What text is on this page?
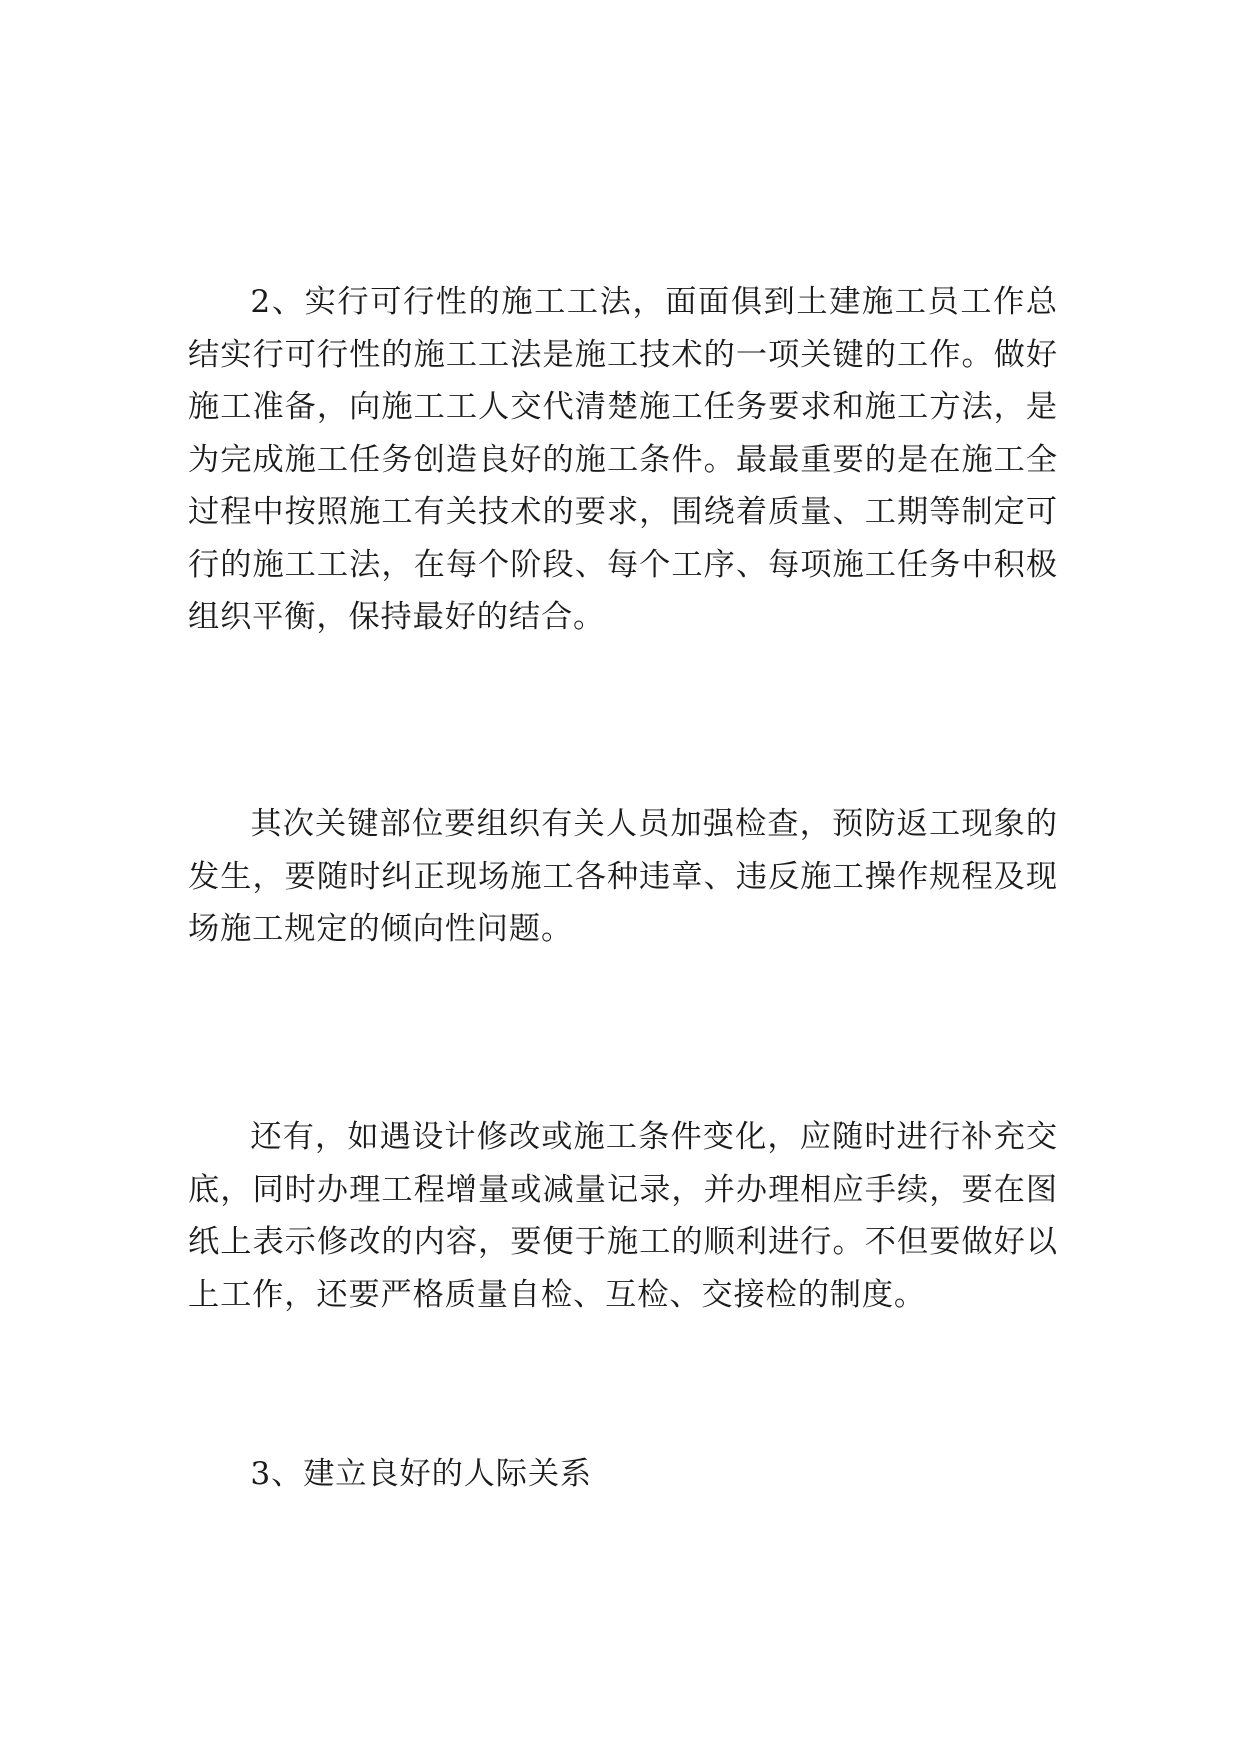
2、实行可行性的施工工法，面面俱到土建施工员工作总结实行可行性的施工工法是施工技术的一项关键的工作。做好施工准备，向施工工人交代清楚施工任务要求和施工方法，是为完成施工任务创造良好的施工条件。最最重要的是在施工全过程中按照施工有关技术的要求，围绕着质量、工期等制定可行的施工工法，在每个阶段、每个工序、每项施工任务中积极组织平衡，保持最好的结合。

其次关键部位要组织有关人员加强检查，预防返工现象的发生，要随时纠正现场施工各种违章、违反施工操作规程及现场施工规定的倾向性问题。

还有，如遇设计修改或施工条件变化，应随时进行补充交底，同时办理工程增量或减量记录，并办理相应手续，要在图纸上表示修改的内容，要便于施工的顺利进行。不但要做好以上工作，还要严格质量自检、互检、交接检的制度。

3、建立良好的人际关系
